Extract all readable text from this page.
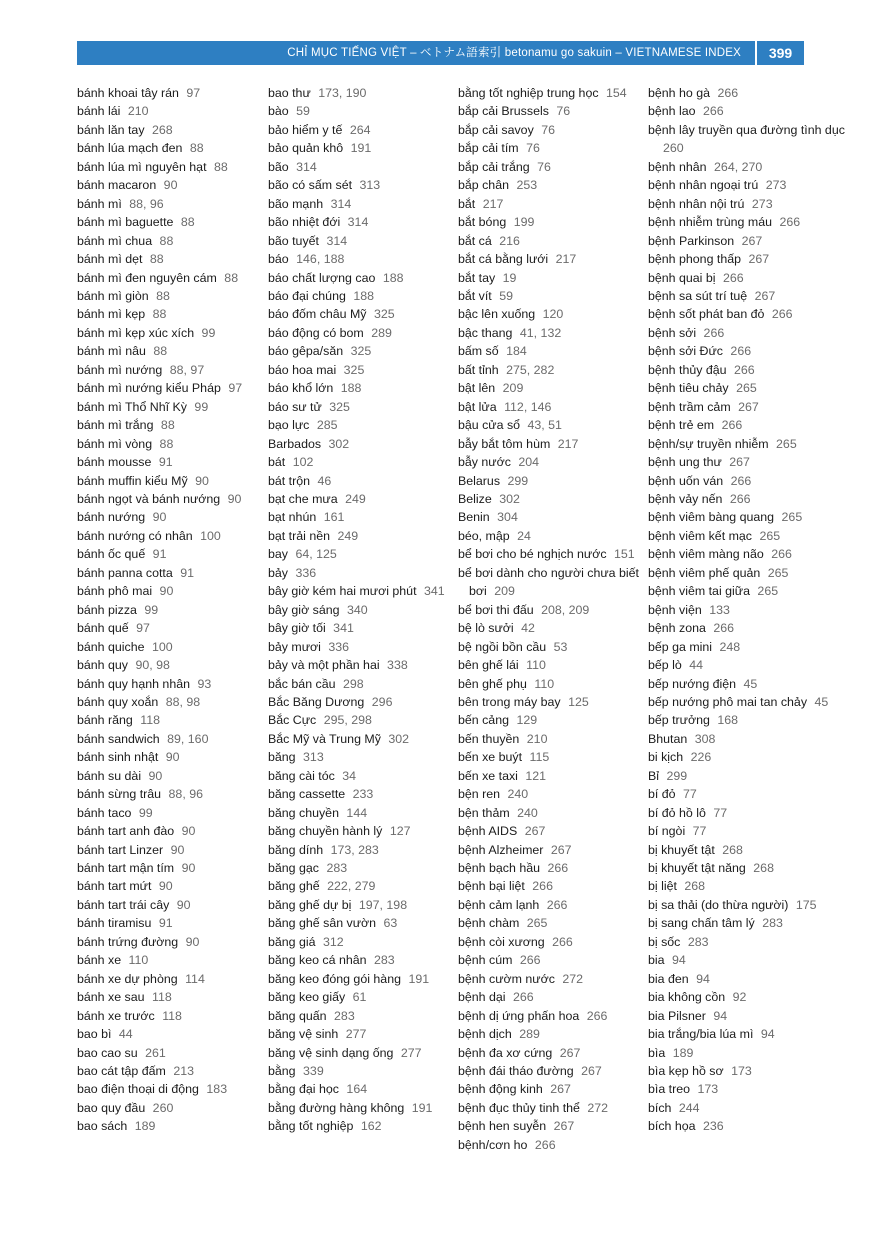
CHỈ MỤC TIẾNG VIỆT – ベトナム語索引 betonamu go sakuin – VIETNAMESE INDEX	399
bánh khoai tây rán 97
bánh lái 210
bánh lăn tay 268
bánh lúa mạch đen 88
bánh lúa mì nguyên hạt 88
bánh macaron 90
bánh mì 88, 96
bánh mì baguette 88
bánh mì chua 88
bánh mì dẹt 88
bánh mì đen nguyên cám 88
bánh mì giòn 88
bánh mì kẹp 88
bánh mì kẹp xúc xích 99
bánh mì nâu 88
bánh mì nướng 88, 97
bánh mì nướng kiểu Pháp 97
bánh mì Thổ Nhĩ Kỳ 99
bánh mì trắng 88
bánh mì vòng 88
bánh mousse 91
bánh muffin kiểu Mỹ 90
bánh ngọt và bánh nướng 90
bánh nướng 90
bánh nướng có nhân 100
bánh ốc quế 91
bánh panna cotta 91
bánh phô mai 90
bánh pizza 99
bánh quế 97
bánh quiche 100
bánh quy 90, 98
bánh quy hạnh nhân 93
bánh quy xoắn 88, 98
bánh răng 118
bánh sandwich 89, 160
bánh sinh nhật 90
bánh su dài 90
bánh sừng trâu 88, 96
bánh taco 99
bánh tart anh đào 90
bánh tart Linzer 90
bánh tart mận tím 90
bánh tart mứt 90
bánh tart trái cây 90
bánh tiramisu 91
bánh trứng đường 90
bánh xe 110
bánh xe dự phòng 114
bánh xe sau 118
bánh xe trước 118
bao bì 44
bao cao su 261
bao cát tập đấm 213
bao điện thoại di động 183
bao quy đầu 260
bao sách 189
bao thư 173, 190
bào 59
bảo hiểm y tế 264
bảo quản khô 191
bão 314
bão có sấm sét 313
bão mạnh 314
bão nhiệt đới 314
bão tuyết 314
báo 146, 188
báo chất lượng cao 188
báo đại chúng 188
báo đốm châu Mỹ 325
báo động có bom 289
báo gêpa/săn 325
báo hoa mai 325
báo khổ lớn 188
báo sư tử 325
bạo lực 285
Barbados 302
bát 102
bát trộn 46
bạt che mưa 249
bạt nhún 161
bạt trải nền 249
bay 64, 125
bảy 336
bây giờ kém hai mươi phút 341
bây giờ sáng 340
bây giờ tối 341
bảy mươi 336
bảy và một phần hai 338
bắc bán cầu 298
Bắc Băng Dương 296
Bắc Cực 295, 298
Bắc Mỹ và Trung Mỹ 302
băng 313
băng cài tóc 34
băng cassette 233
băng chuyền 144
băng chuyền hành lý 127
băng dính 173, 283
băng gạc 283
băng ghế 222, 279
băng ghế dự bị 197, 198
băng ghế sân vườn 63
băng giá 312
băng keo cá nhân 283
băng keo đóng gói hàng 191
băng keo giấy 61
băng quấn 283
băng vệ sinh 277
băng vệ sinh dạng ống 277
bằng 339
bằng đại học 164
bằng đường hàng không 191
bằng tốt nghiệp 162
bằng tốt nghiệp trung học 154
bắp cải Brussels 76
bắp cải savoy 76
bắp cải tím 76
bắp cải trắng 76
bắp chân 253
bắt 217
bắt bóng 199
bắt cá 216
bắt cá bằng lưới 217
bắt tay 19
bắt vít 59
bậc lên xuống 120
bậc thang 41, 132
bấm số 184
bất tỉnh 275, 282
bật lên 209
bật lửa 112, 146
bậu cửa sổ 43, 51
bẫy bắt tôm hùm 217
bẫy nước 204
Belarus 299
Belize 302
Benin 304
béo, mập 24
bể bơi cho bé nghịch nước 151
bể bơi dành cho người chưa biết bơi 209
bể bơi thi đấu 208, 209
bệ lò sưởi 42
bệ ngồi bồn cầu 53
bên ghế lái 110
bên ghế phụ 110
bên trong máy bay 125
bến cảng 129
bến thuyền 210
bến xe buýt 115
bến xe taxi 121
bện ren 240
bện thảm 240
bệnh AIDS 267
bệnh Alzheimer 267
bệnh bạch hầu 266
bệnh bại liệt 266
bệnh cảm lạnh 266
bệnh chàm 265
bệnh còi xương 266
bệnh cúm 266
bệnh cườm nước 272
bệnh dại 266
bệnh dị ứng phấn hoa 266
bệnh dịch 289
bệnh đa xơ cứng 267
bệnh đái tháo đường 267
bệnh động kinh 267
bệnh đục thủy tinh thể 272
bệnh hen suyễn 267
bệnh/cơn ho 266
bệnh ho gà 266
bệnh lao 266
bệnh lây truyền qua đường tình dục 260
bệnh nhân 264, 270
bệnh nhân ngoại trú 273
bệnh nhân nội trú 273
bệnh nhiễm trùng máu 266
bệnh Parkinson 267
bệnh phong thấp 267
bệnh quai bị 266
bệnh sa sút trí tuệ 267
bệnh sốt phát ban đỏ 266
bệnh sởi 266
bệnh sởi Đức 266
bệnh thủy đậu 266
bệnh tiêu chảy 265
bệnh trầm cảm 267
bệnh trẻ em 266
bệnh/sự truyền nhiễm 265
bệnh ung thư 267
bệnh uốn ván 266
bệnh vảy nến 266
bệnh viêm bàng quang 265
bệnh viêm kết mạc 265
bệnh viêm màng não 266
bệnh viêm phế quản 265
bệnh viêm tai giữa 265
bệnh viện 133
bệnh zona 266
bếp ga mini 248
bếp lò 44
bếp nướng điện 45
bếp nướng phô mai tan chảy 45
bếp trưởng 168
Bhutan 308
bi kịch 226
Bỉ 299
bí đỏ 77
bí đỏ hồ lô 77
bí ngòi 77
bị khuyết tật 268
bị khuyết tật năng 268
bị liệt 268
bị sa thải (do thừa người) 175
bị sang chấn tâm lý 283
bị sốc 283
bia 94
bia đen 94
bia không cồn 92
bia Pilsner 94
bia trắng/bia lúa mì 94
bìa 189
bìa kẹp hồ sơ 173
bìa treo 173
bích 244
bích họa 236
